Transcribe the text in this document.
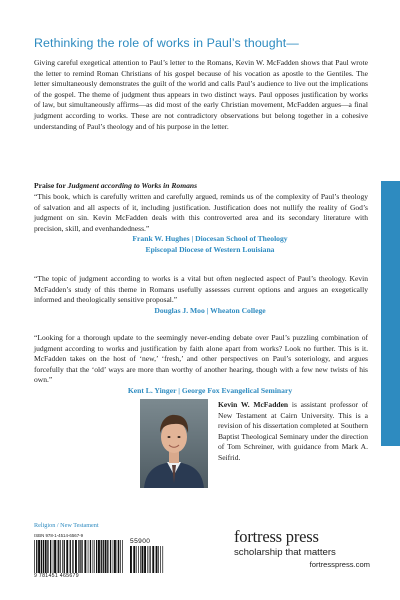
Rethinking the role of works in Paul’s thought—

Giving careful exegetical attention to Paul’s letter to the Romans, Kevin W. McFadden shows that Paul wrote the letter to remind Roman Christians of his gospel because of his vocation as apostle to the Gentiles. The letter simultaneously demonstrates the guilt of the world and calls Paul’s audience to live out the implications of the gospel. The theme of judgment thus appears in two distinct ways. Paul opposes justification by works of law, but simultaneously affirms—as did most of the early Christian movement, McFadden argues—a final judgment according to works. These are not contradictory observations but belong together in a cohesive understanding of Paul’s theology and of his purpose in the letter.

Praise for Judgment according to Works in Romans

“This book, which is carefully written and carefully argued, reminds us of the complexity of Paul’s theology of salvation and all aspects of it, including justification. Justification does not nullify the reality of God’s judgment on sin. Kevin McFadden deals with this controverted area and its secondary literature with precision, skill, and evenhandedness.”

Frank W. Hughes | Diocesan School of Theology
Episcopal Diocese of Western Louisiana

“The topic of judgment according to works is a vital but often neglected aspect of Paul’s theology. Kevin McFadden’s study of this theme in Romans usefully assesses current options and argues an exegetically informed and theologically sensitive proposal.”

Douglas J. Moo | Wheaton College

“Looking for a thorough update to the seemingly never-ending debate over Paul’s puzzling combination of judgment according to works and justification by faith alone apart from works? Look no further. This is it. McFadden takes on the host of ‘new,’ ‘fresh,’ and other perspectives on Paul’s soteriology, and argues forcefully that the ‘old’ ways are more than worthy of another hearing, though with a few new twists of his own.”

Kent L. Yinger | George Fox Evangelical Seminary

Kevin W. McFadden is assistant professor of New Testament at Cairn University. This is a revision of his dissertation completed at Southern Baptist Theological Seminary under the direction of Tom Schreiner, with guidance from Mark A. Seifrid.

Religion / New Testament
ISBN 978-1-4514-6567-9
55900
9 781451 465679
fortress press
scholarship that matters
fortresspress.com
